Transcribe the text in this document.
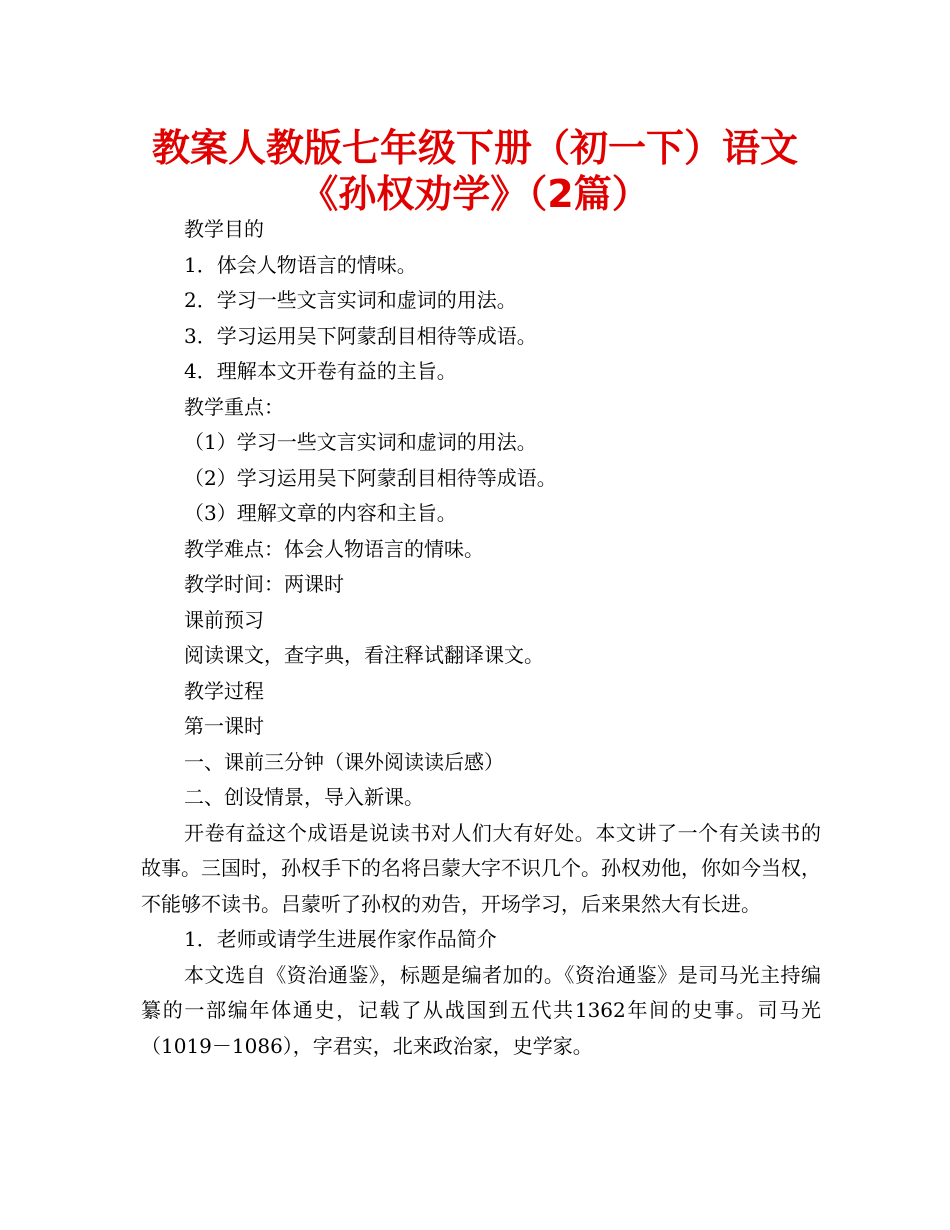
教案人教版七年级下册（初一下）语文
《孙权劝学》（2篇）
教学目的
1．体会人物语言的情味。
2．学习一些文言实词和虚词的用法。
3．学习运用吴下阿蒙刮目相待等成语。
4．理解本文开卷有益的主旨。
教学重点：
（1）学习一些文言实词和虚词的用法。
（2）学习运用吴下阿蒙刮目相待等成语。
（3）理解文章的内容和主旨。
教学难点：体会人物语言的情味。
教学时间：两课时
课前预习
阅读课文，查字典，看注释试翻译课文。
教学过程
第一课时
一、课前三分钟（课外阅读读后感）
二、创设情景，导入新课。

开卷有益这个成语是说读书对人们大有好处。本文讲了一个有关读书的故事。三国时，孙权手下的名将吕蒙大字不识几个。孙权劝他，你如今当权，不能够不读书。吕蒙听了孙权的劝告，开场学习，后来果然大有长进。

1．老师或请学生进展作家作品简介

本文选自《资治通鉴》，标题是编者加的。《资治通鉴》是司马光主持编纂的一部编年体通史，记载了从战国到五代共1362年间的史事。司马光（1019－1086），字君实，北来政治家，史学家。
